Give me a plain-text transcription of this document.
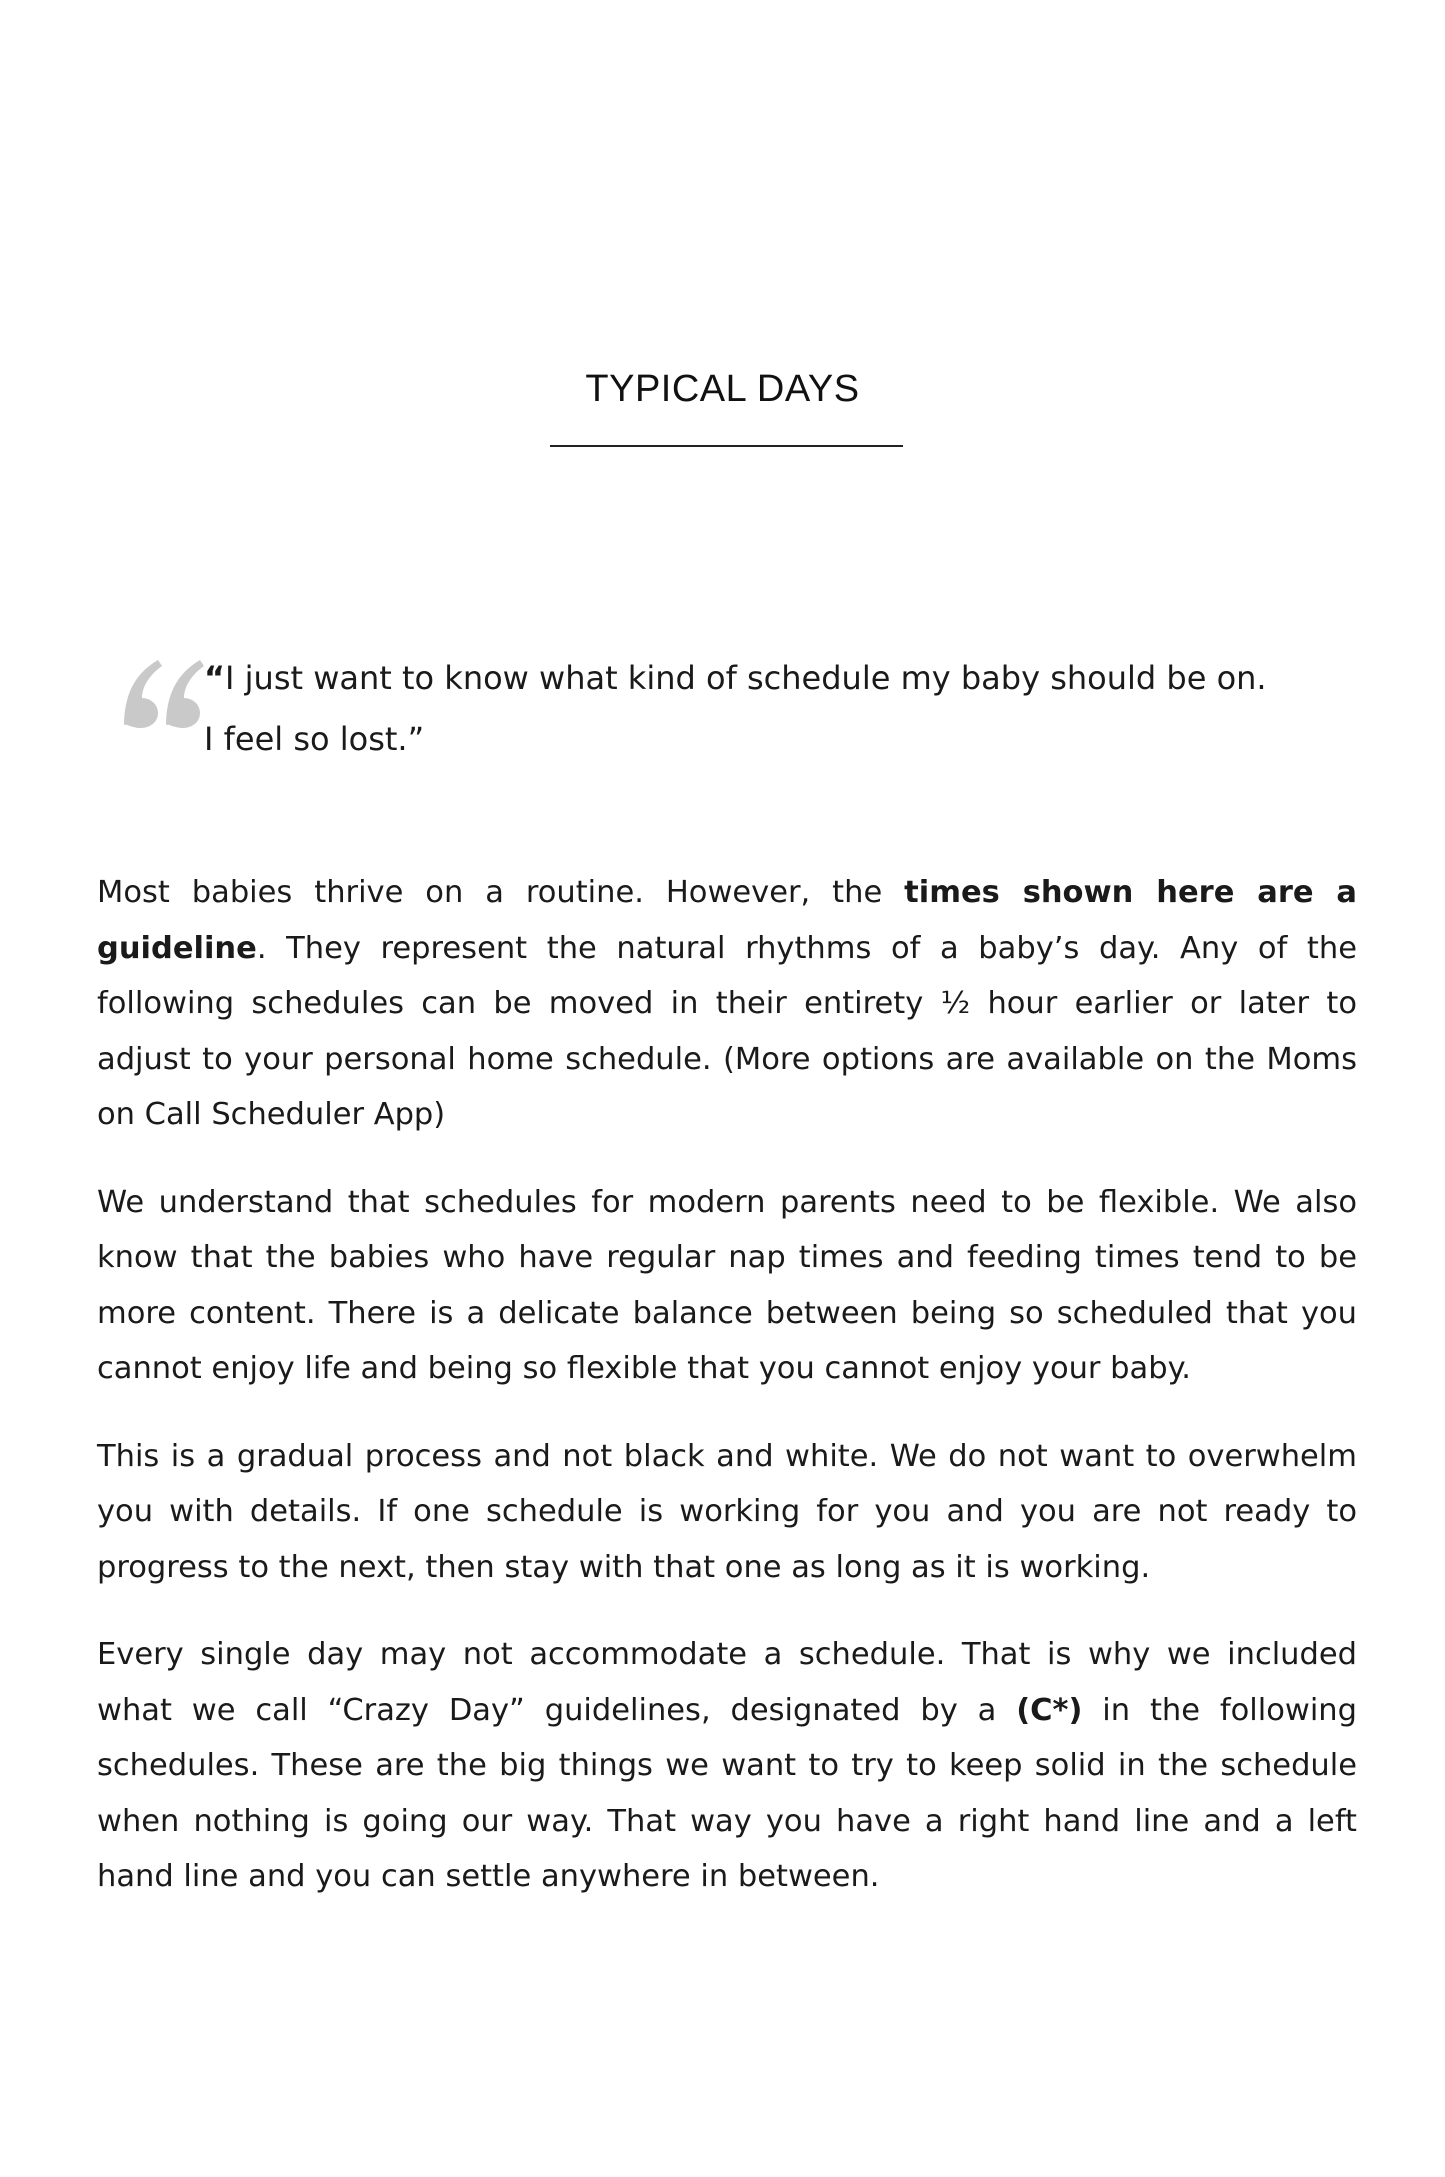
TYPICAL DAYS
“I just want to know what kind of schedule my baby should be on.
I feel so lost.”

Most babies thrive on a routine. However, the times shown here are a guideline. They represent the natural rhythms of a baby’s day. Any of the following schedules can be moved in their entirety ½ hour earlier or later to adjust to your personal home schedule. (More options are available on the Moms on Call Scheduler App)

We understand that schedules for modern parents need to be flexible. We also know that the babies who have regular nap times and feeding times tend to be more content. There is a delicate balance between being so scheduled that you cannot enjoy life and being so flexible that you cannot enjoy your baby.

This is a gradual process and not black and white. We do not want to overwhelm you with details. If one schedule is working for you and you are not ready to progress to the next, then stay with that one as long as it is working.

Every single day may not accommodate a schedule. That is why we included what we call “Crazy Day” guidelines, designated by a (C*) in the following schedules. These are the big things we want to try to keep solid in the schedule when nothing is going our way. That way you have a right hand line and a left hand line and you can settle anywhere in between.
